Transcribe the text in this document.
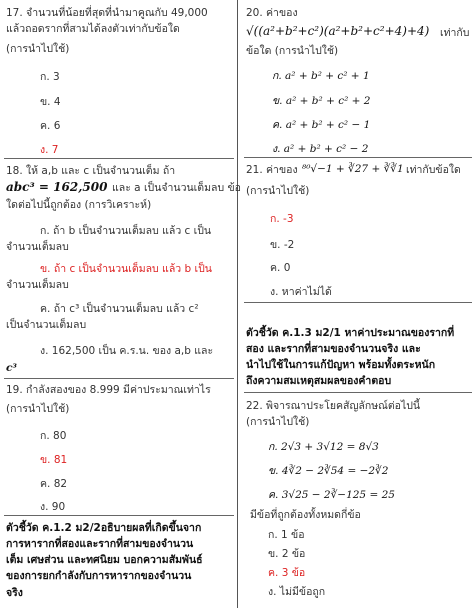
17. จำนวนที่น้อยที่สุดที่นำมาคูณกับ 49,000
แล้วถอดรากที่สามได้ลงตัวเท่ากับข้อใด
(การนำไปใช้)
ก. 3
ข. 4
ค. 6
ง. 7
18. ให้ a,b และ c เป็นจำนวนเต็ม ถ้า
abc³ = 162,500 และ a เป็นจำนวนเต็มลบ ข้อ
ใดต่อไปนี้ถูกต้อง (การวิเคราะห์)
ก. ถ้า b เป็นจำนวนเต็มลบ แล้ว c เป็น
จำนวนเต็มลบ
ข. ถ้า c เป็นจำนวนเต็มลบ แล้ว b เป็น
จำนวนเต็มลบ
ค. ถ้า c³ เป็นจำนวนเต็มลบ แล้ว c²
เป็นจำนวนเต็มลบ
ง. 162,500 เป็น ค.ร.น. ของ a,b และ
c³
19. กำลังสองของ 8.999 มีค่าประมาณเท่าไร
(การนำไปใช้)
ก. 80
ข. 81
ค. 82
ง. 90
ตัวชี้วัด ค.1.2 ม2/2อธิบายผลที่เกิดขึ้นจาก
การหารากที่สองและรากที่สามของจำนวน
เต็ม เศษส่วน และทศนิยม บอกความสัมพันธ์
ของการยกกำลังกับการหารากของจำนวน
จริง
20. ค่าของ
√((a²+b²+c²)(a²+b²+c²+4)+4) เท่ากับ
ข้อใด (การนำไปใช้)
ก. a² + b² + c² + 1
ข. a² + b² + c² + 2
ค. a² + b² + c² − 1
ง. a² + b² + c² − 2
21. ค่าของ ⁸⁰√−1 + ∛27 + ∛∛1 เท่ากับข้อใด
(การนำไปใช้)
ก. -3
ข. -2
ค. 0
ง. หาค่าไม่ได้
ตัวชี้วัด ค.1.3 ม2/1 หาค่าประมาณของรากที่
สอง และรากที่สามของจำนวนจริง และ
นำไปใช้ในการแก้ปัญหา พร้อมทั้งตระหนัก
ถึงความสมเหตุสมผลของคำตอบ
22. พิจารณาประโยคสัญลักษณ์ต่อไปนี้
(การนำไปใช้)
ก. 2√3 + 3√12 = 8√3
ข. 4∛2 − 2∛54 = −2∛2
ค. 3√25 − 2∛−125 = 25
มีข้อที่ถูกต้องทั้งหมดกี่ข้อ
ก. 1 ข้อ
ข. 2 ข้อ
ค. 3 ข้อ
ง. ไม่มีข้อถูก
